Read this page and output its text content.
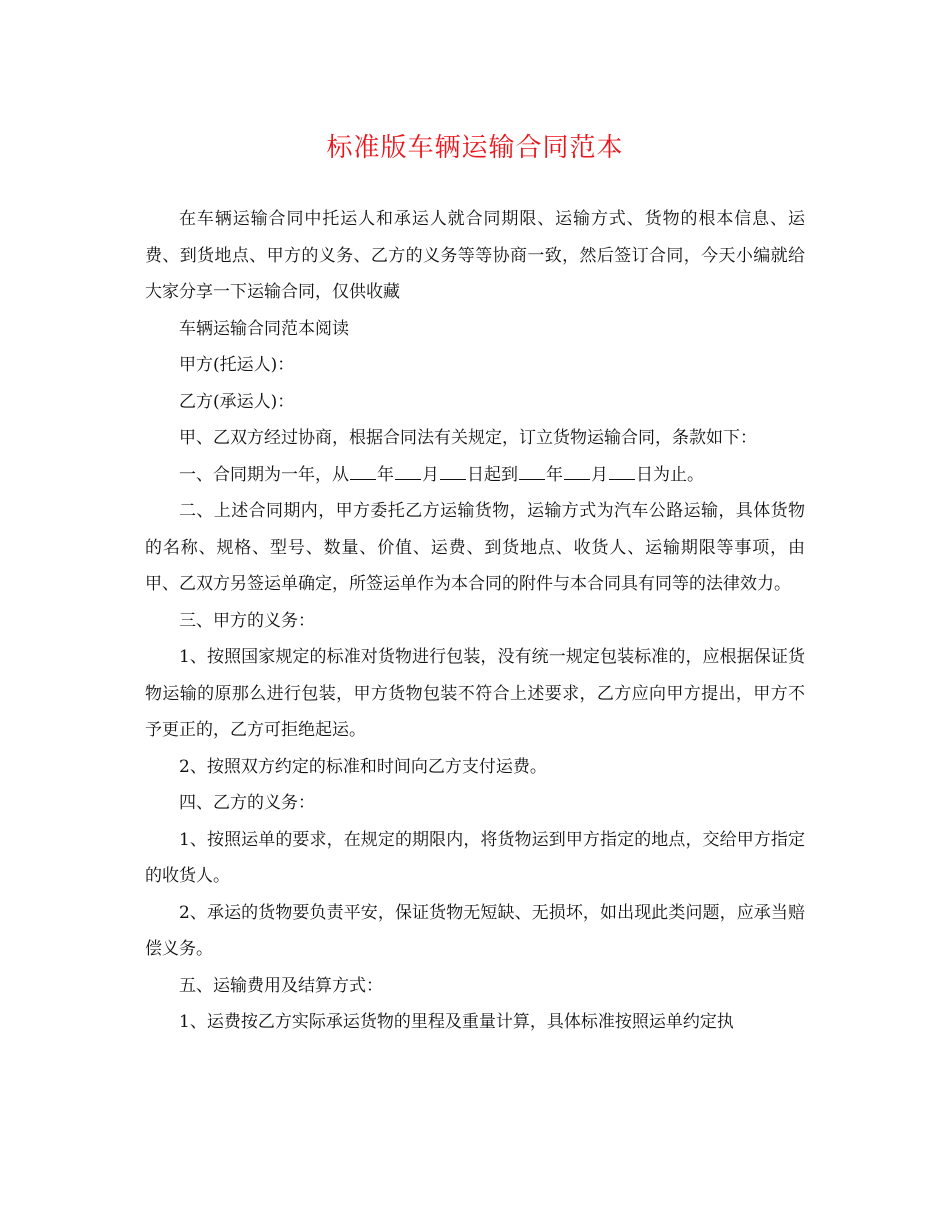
标准版车辆运输合同范本

在车辆运输合同中托运人和承运人就合同期限、运输方式、货物的根本信息、运费、到货地点、甲方的义务、乙方的义务等等协商一致，然后签订合同，今天小编就给大家分享一下运输合同，仅供收藏

车辆运输合同范本阅读

甲方(托运人)：

乙方(承运人)：

甲、乙双方经过协商，根据合同法有关规定，订立货物运输合同，条款如下：

一、合同期为一年，从 年 月 日起到 年 月 日为止。

二、上述合同期内，甲方委托乙方运输货物，运输方式为汽车公路运输，具体货物的名称、规格、型号、数量、价值、运费、到货地点、收货人、运输期限等事项，由甲、乙双方另签运单确定，所签运单作为本合同的附件与本合同具有同等的法律效力。

三、甲方的义务：

1、按照国家规定的标准对货物进行包装，没有统一规定包装标准的，应根据保证货物运输的原那么进行包装，甲方货物包装不符合上述要求，乙方应向甲方提出，甲方不予更正的，乙方可拒绝起运。

2、按照双方约定的标准和时间向乙方支付运费。

四、乙方的义务：

1、按照运单的要求，在规定的期限内，将货物运到甲方指定的地点，交给甲方指定的收货人。

2、承运的货物要负责平安，保证货物无短缺、无损坏，如出现此类问题，应承当赔偿义务。

五、运输费用及结算方式：

1、运费按乙方实际承运货物的里程及重量计算，具体标准按照运单约定执
